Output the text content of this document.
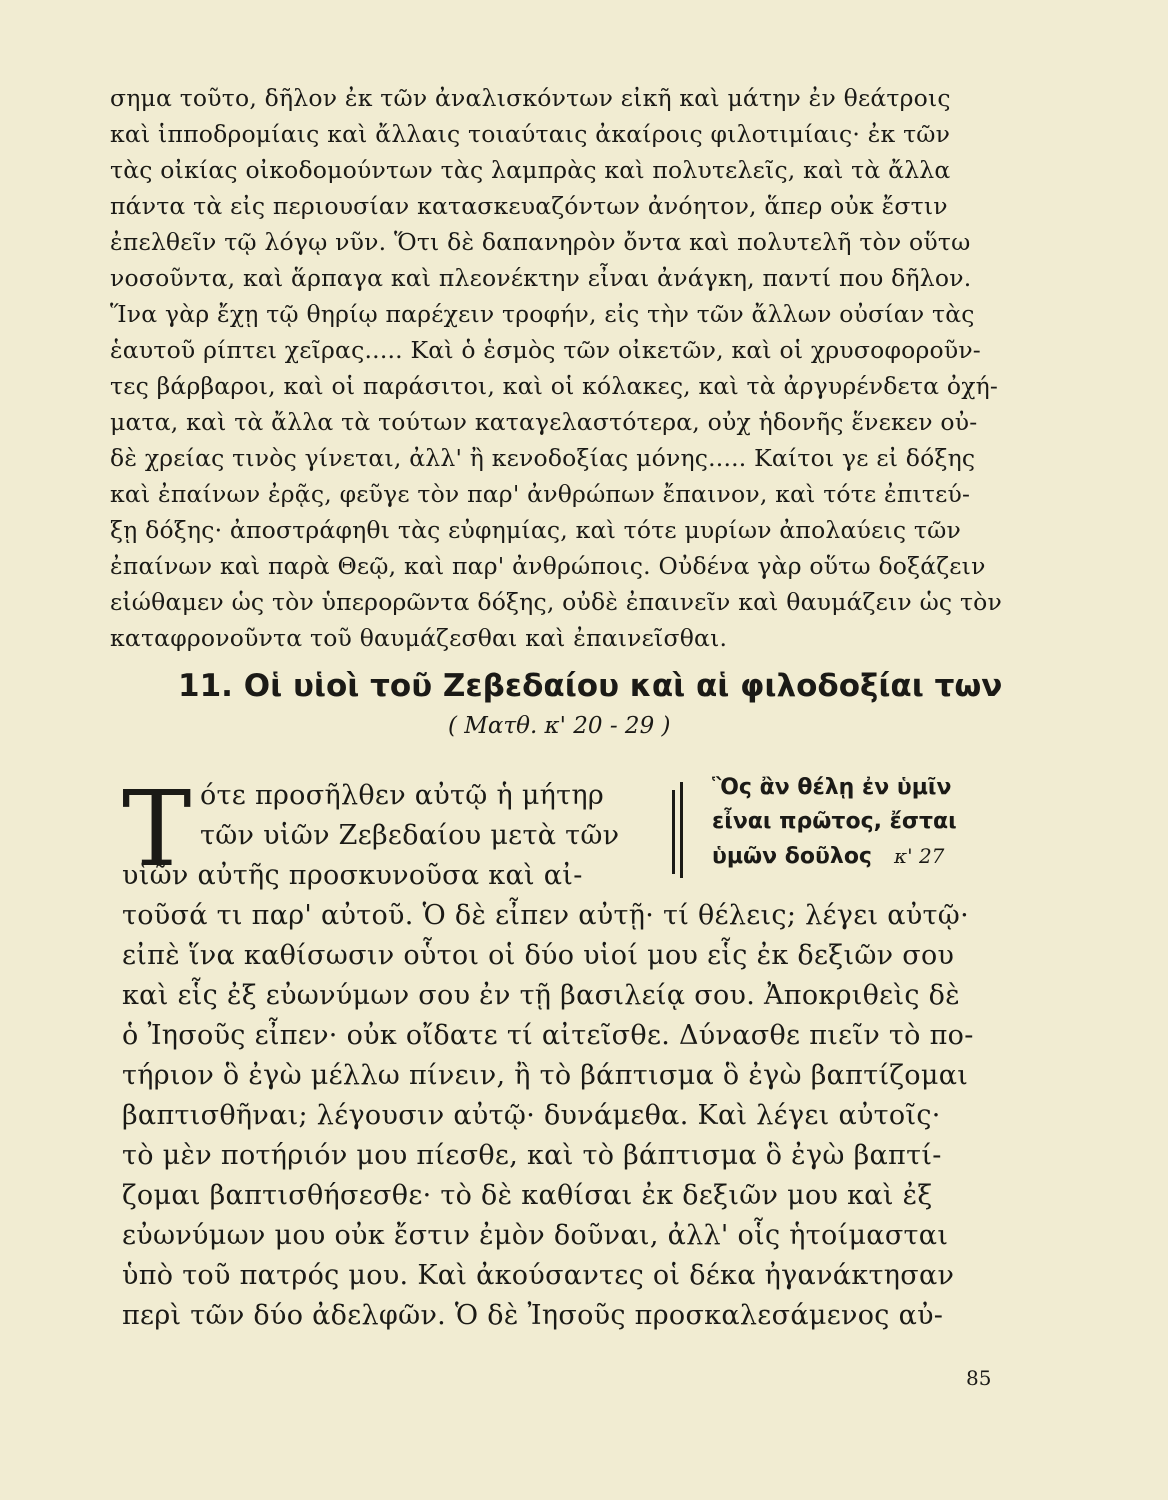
σημα τοῦτο, δῆλον ἐκ τῶν ἀναλισκόντων εἰκῆ καὶ μάτην ἐν θεάτροις
καὶ ἱπποδρομίαις καὶ ἄλλαις τοιαύταις ἀκαίροις φιλοτιμίαις· ἐκ τῶν
τὰς οἰκίας οἰκοδομούντων τὰς λαμπρὰς καὶ πολυτελεῖς, καὶ τὰ ἄλλα
πάντα τὰ εἰς περιουσίαν κατασκευαζόντων ἀνόητον, ἅπερ οὐκ ἔστιν
ἐπελθεῖν τῷ λόγῳ νῦν. Ὅτι δὲ δαπανηρὸν ὄντα καὶ πολυτελῆ τὸν οὕτω
νοσοῦντα, καὶ ἅρπαγα καὶ πλεονέκτην εἶναι ἀνάγκη, παντί που δῆλον.
Ἵνα γὰρ ἔχῃ τῷ θηρίῳ παρέχειν τροφήν, εἰς τὴν τῶν ἄλλων οὐσίαν τὰς
ἑαυτοῦ ρίπτει χεῖρας..... Καὶ ὁ ἑσμὸς τῶν οἰκετῶν, καὶ οἱ χρυσοφοροῦν-
τες βάρβαροι, καὶ οἱ παράσιτοι, καὶ οἱ κόλακες, καὶ τὰ ἀργυρένδετα ὀχή-
ματα, καὶ τὰ ἄλλα τὰ τούτων καταγελαστότερα, οὐχ ἡδονῆς ἕνεκεν οὐ-
δὲ χρείας τινὸς γίνεται, ἀλλ' ἢ κενοδοξίας μόνης..... Καίτοι γε εἰ δόξης
καὶ ἐπαίνων ἐρᾷς, φεῦγε τὸν παρ' ἀνθρώπων ἔπαινον, καὶ τότε ἐπιτεύ-
ξῃ δόξης· ἀποστράφηθι τὰς εὐφημίας, καὶ τότε μυρίων ἀπολαύεις τῶν
ἐπαίνων καὶ παρὰ Θεῷ, καὶ παρ' ἀνθρώποις. Οὐδένα γὰρ οὕτω δοξάζειν
εἰώθαμεν ὡς τὸν ὑπερορῶντα δόξης, οὐδὲ ἐπαινεῖν καὶ θαυμάζειν ὡς τὸν
καταφρονοῦντα τοῦ θαυμάζεσθαι καὶ ἐπαινεῖσθαι.
11. Οἱ υἱοὶ τοῦ Ζεβεδαίου καὶ αἱ φιλοδοξίαι των
( Ματθ. κ' 20 - 29 )
Τ ότε προσῆλθεν αὐτῷ ἡ μήτηρ
τῶν υἱῶν Ζεβεδαίου μετὰ τῶν
υἱῶν αὐτῆς προσκυνοῦσα καὶ αἰ-
Ὃς ἂν θέλῃ ἐν ὑμῖν
εἶναι πρῶτος, ἔσται
ὑμῶν δοῦλος κ' 27
τοῦσά τι παρ' αὐτοῦ. Ὁ δὲ εἶπεν αὐτῇ· τί θέλεις; λέγει αὐτῷ·
εἰπὲ ἵνα καθίσωσιν οὗτοι οἱ δύο υἱοί μου εἷς ἐκ δεξιῶν σου
καὶ εἷς ἐξ εὐωνύμων σου ἐν τῇ βασιλείᾳ σου. Ἀποκριθεὶς δὲ
ὁ Ἰησοῦς εἶπεν· οὐκ οἴδατε τί αἰτεῖσθε. Δύνασθε πιεῖν τὸ πο-
τήριον ὃ ἐγὼ μέλλω πίνειν, ἢ τὸ βάπτισμα ὃ ἐγὼ βαπτίζομαι
βαπτισθῆναι; λέγουσιν αὐτῷ· δυνάμεθα. Καὶ λέγει αὐτοῖς·
τὸ μὲν ποτήριόν μου πίεσθε, καὶ τὸ βάπτισμα ὃ ἐγὼ βαπτί-
ζομαι βαπτισθήσεσθε· τὸ δὲ καθίσαι ἐκ δεξιῶν μου καὶ ἐξ
εὐωνύμων μου οὐκ ἔστιν ἐμὸν δοῦναι, ἀλλ' οἷς ἡτοίμασται
ὑπὸ τοῦ πατρός μου. Καὶ ἀκούσαντες οἱ δέκα ἠγανάκτησαν
περὶ τῶν δύο ἀδελφῶν. Ὁ δὲ Ἰησοῦς προσκαλεσάμενος αὐ-
85
